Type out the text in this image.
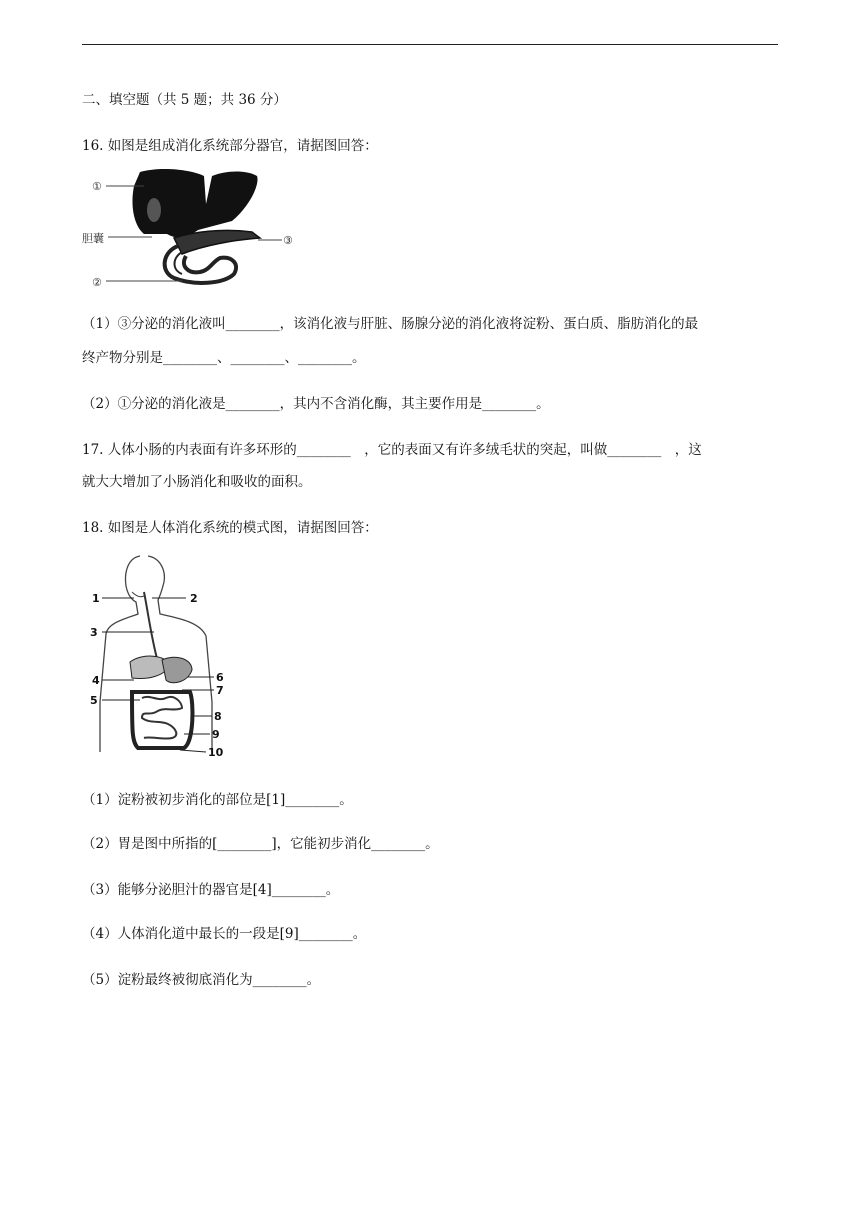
二、填空题（共 5 题；共 36 分）
16. 如图是组成消化系统部分器官，请据图回答：
①
胆囊	③
②
（1）③分泌的消化液叫________，该消化液与肝脏、肠腺分泌的消化液将淀粉、蛋白质、脂肪消化的最
终产物分别是________、________、________。
（2）①分泌的消化液是________，其内不含消化酶，其主要作用是________。
17. 人体小肠的内表面有许多环形的________　，它的表面又有许多绒毛状的突起，叫做________　，这
就大大增加了小肠消化和吸收的面积。
18. 如图是人体消化系统的模式图，请据图回答：
1	2
3
4
5
6
7
8
9
10
（1）淀粉被初步消化的部位是[1]________。
（2）胃是图中所指的[________]，它能初步消化________。
（3）能够分泌胆汁的器官是[4]________。
（4）人体消化道中最长的一段是[9]________。
（5）淀粉最终被彻底消化为________。
